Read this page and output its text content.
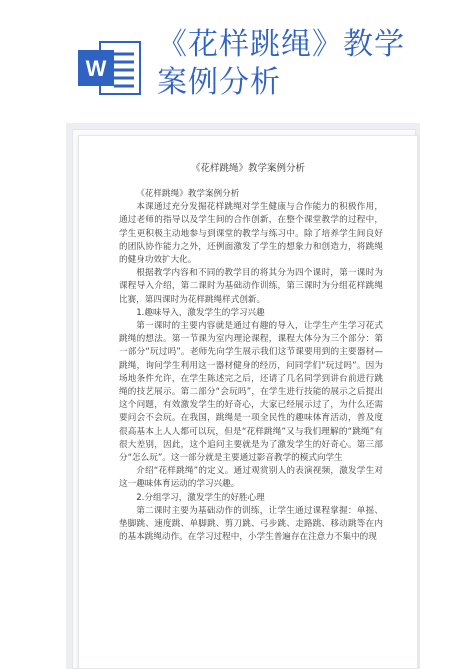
W
《花样跳绳》教学
案例分析
《花样跳绳》教学案例分析

《花样跳绳》教学案例分析

本课通过充分发掘花样跳绳对学生健康与合作能力的积极作用，通过老师的指导以及学生间的合作创新，在整个课堂教学的过程中，学生更积极主动地参与到课堂的教学与练习中。除了培养学生间良好的团队协作能力之外，还例面激发了学生的想象力和创造力，将跳绳的健身功效扩大化。

根据教学内容和不同的教学目的将其分为四个课时，第一课时为课程导入介绍，第二课时为基础动作训练，第三课时为分组花样跳绳比赛，第四课时为花样跳绳样式创新。

1.趣味导入，激发学生的学习兴趣

第一课时的主要内容就是通过有趣的导入，让学生产生学习花式跳绳的想法。第一节课为室内理论课程，课程大体分为三个部分：第一部分“玩过吗”。老师先向学生展示我们这节课要用到的主要器材—跳绳，询问学生利用这一器材健身的经历，问同学们“玩过吗”。因为场地条件允许，在学生陈述完之后，还请了几名同学到讲台前进行跳绳的技艺展示。第二部分“会玩吗”，在学生进行技能的展示之后提出这个问题，有效激发学生的好奇心，大家已经展示过了，为什么还需要问会不会玩。在我国，跳绳是一项全民性的趣味体育活动，普及度很高基本上人人都可以玩，但是“花样跳绳”又与我们理解的“跳绳”有很大差别，因此，这个追问主要就是为了激发学生的好奇心。第三部分“怎么玩”。这一部分就是主要通过影音教学的模式向学生

介绍“花样跳绳”的定义。通过观赏别人的表演视频，激发学生对这一趣味体育运动的学习兴趣。

2.分组学习，激发学生的好胜心理

第二课时主要为基础动作的训练，让学生通过课程掌握：单摇、垫脚跳、速度跳、单脚跳、剪刀跳、弓步跳、走路跳、移动跳等在内的基本跳绳动作。在学习过程中，小学生普遍存在注意力不集中的现
